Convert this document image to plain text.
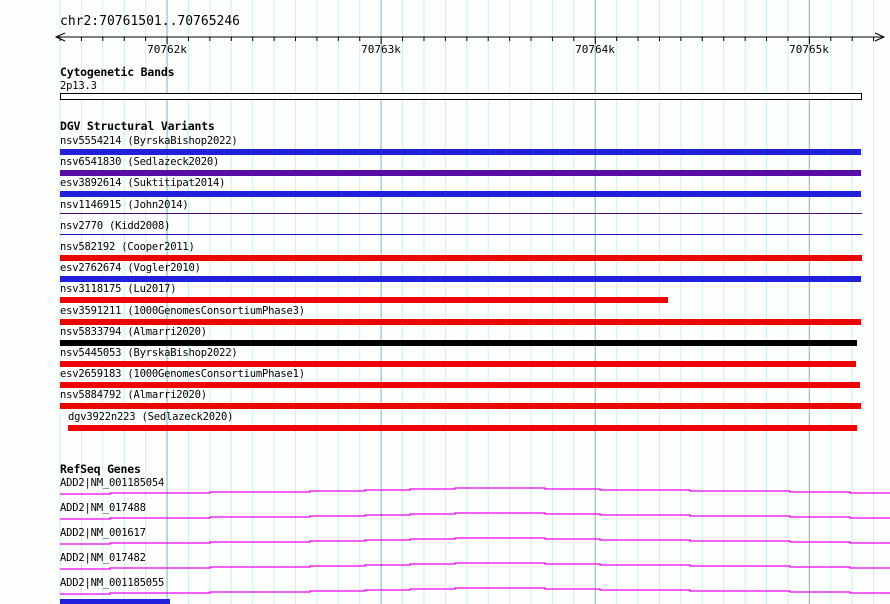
chr2:70761501..70765246
70762k	70763k	70764k	70765k
Cytogenetic Bands
2p13.3
DGV Structural Variants
nsv5554214 (ByrskaBishop2022)
nsv6541830 (Sedlazeck2020)
esv3892614 (Suktitipat2014)
nsv1146915 (John2014)
nsv2770 (Kidd2008)
nsv582192 (Cooper2011)
esv2762674 (Vogler2010)
nsv3118175 (Lu2017)
esv3591211 (1000GenomesConsortiumPhase3)
nsv5833794 (Almarri2020)
nsv5445053 (ByrskaBishop2022)
esv2659183 (1000GenomesConsortiumPhase1)
nsv5884792 (Almarri2020)
dgv3922n223 (Sedlazeck2020)
RefSeq Genes
ADD2|NM_001185054
ADD2|NM_017488
ADD2|NM_001617
ADD2|NM_017482
ADD2|NM_001185055
